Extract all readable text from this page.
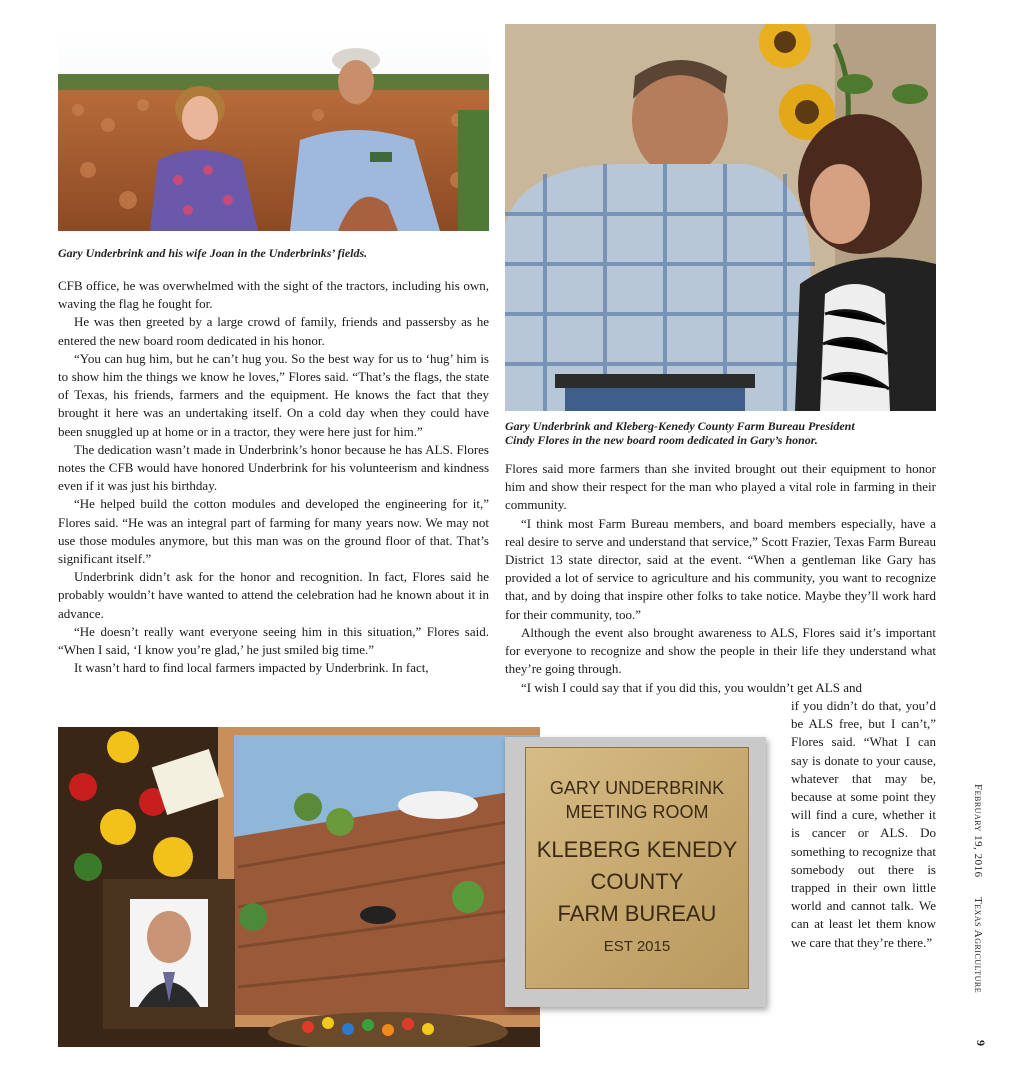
Gary Underbrink and his wife Joan in the Underbrinks’ fields.
Gary Underbrink and Kleberg-Kenedy County Farm Bureau President
Cindy Flores in the new board room dedicated in Gary’s honor.

CFB office, he was overwhelmed with the sight of the tractors, including his own, waving the flag he fought for.

He was then greeted by a large crowd of family, friends and passersby as he entered the new board room dedicated in his honor.

“You can hug him, but he can’t hug you. So the best way for us to ‘hug’ him is to show him the things we know he loves,” Flores said. “That’s the flags, the state of Texas, his friends, farmers and the equipment. He knows the fact that they brought it here was an undertaking itself. On a cold day when they could have been snuggled up at home or in a tractor, they were here just for him.”

The dedication wasn’t made in Underbrink’s honor because he has ALS. Flores notes the CFB would have honored Underbrink for his volunteerism and kindness even if it was just his birthday.

“He helped build the cotton modules and developed the engineering for it,” Flores said. “He was an integral part of farming for many years now. We may not use those modules anymore, but this man was on the ground floor of that. That’s significant itself.”

Underbrink didn’t ask for the honor and recognition. In fact, Flores said he probably wouldn’t have wanted to attend the celebration had he known about it in advance.

“He doesn’t really want everyone seeing him in this situation,” Flores said. “When I said, ‘I know you’re glad,’ he just smiled big time.”

It wasn’t hard to find local farmers impacted by Underbrink. In fact,

Flores said more farmers than she invited brought out their equipment to honor him and show their respect for the man who played a vital role in farming in their community.

“I think most Farm Bureau members, and board members especially, have a real desire to serve and understand that service,” Scott Frazier, Texas Farm Bureau District 13 state director, said at the event. “When a gentleman like Gary has provided a lot of service to agriculture and his community, you want to recognize that, and by doing that inspire other folks to take notice. Maybe they’ll work hard for their community, too.”

Although the event also brought awareness to ALS, Flores said it’s important for everyone to recognize and show the people in their life they understand what they’re going through.

“I wish I could say that if you did this, you wouldn’t get ALS and

if you didn’t do that, you’d be ALS free, but I can’t,” Flores said. “What I can say is donate to your cause, whatever that may be, because at some point they will find a cure, whether it is cancer or ALS. Do something to recognize that somebody out there is trapped in their own little world and cannot talk. We can at least let them know we care that they’re there.”

GARY UNDERBRINK
MEETING ROOM
KLEBERG KENEDY
COUNTY
FARM BUREAU
EST 2015
February 19, 2016
Texas Agriculture
9
